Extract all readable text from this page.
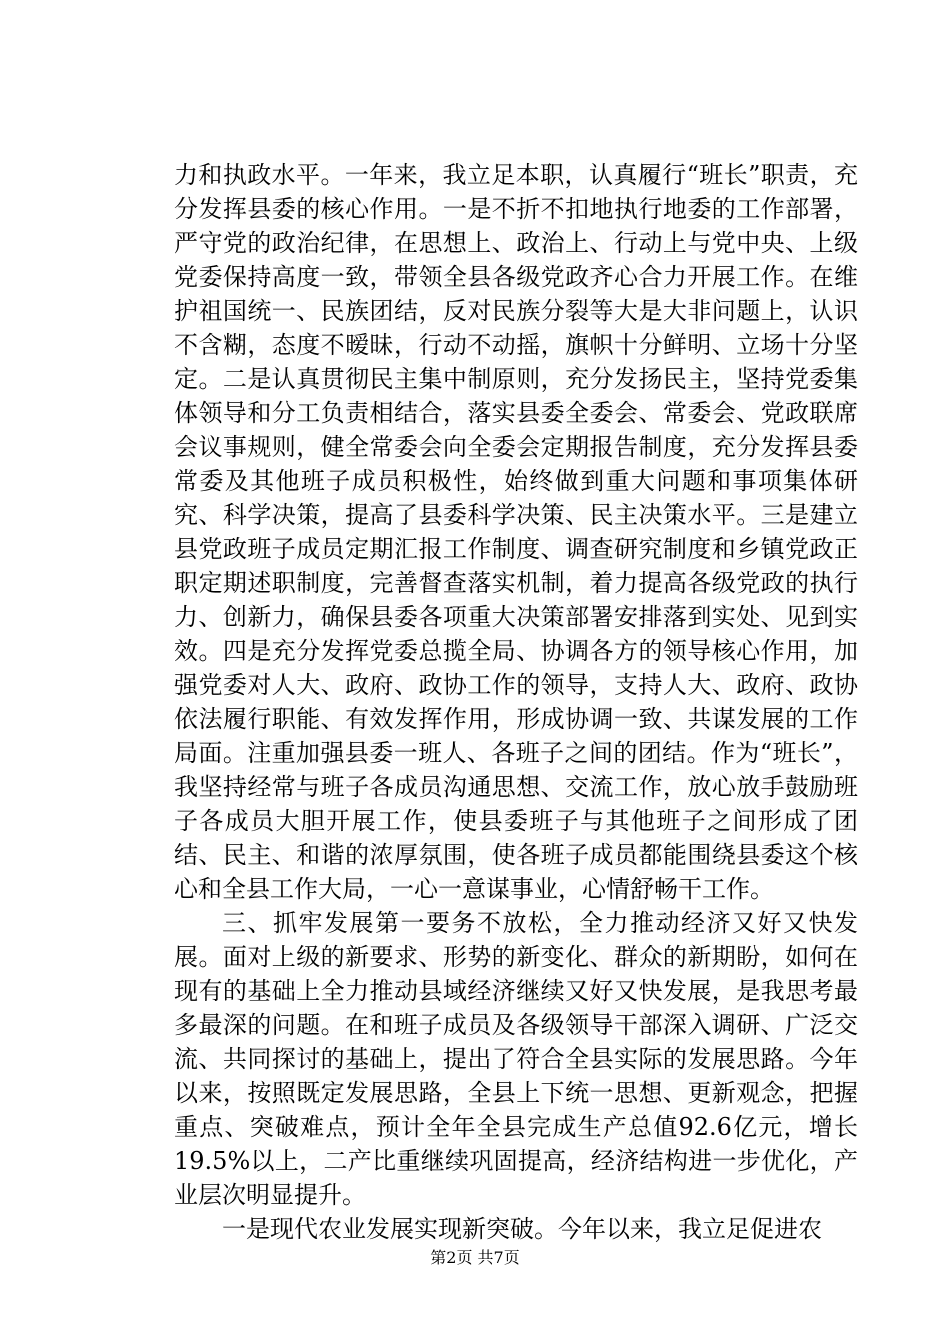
力和执政水平。一年来，我立足本职，认真履行“班长”职责，充分发挥县委的核心作用。一是不折不扣地执行地委的工作部署，严守党的政治纪律，在思想上、政治上、行动上与党中央、上级党委保持高度一致，带领全县各级党政齐心合力开展工作。在维护祖国统一、民族团结，反对民族分裂等大是大非问题上，认识不含糊，态度不暧昧，行动不动摇，旗帜十分鲜明、立场十分坚定。二是认真贯彻民主集中制原则，充分发扬民主，坚持党委集体领导和分工负责相结合，落实县委全委会、常委会、党政联席会议事规则，健全常委会向全委会定期报告制度，充分发挥县委常委及其他班子成员积极性，始终做到重大问题和事项集体研究、科学决策，提高了县委科学决策、民主决策水平。三是建立县党政班子成员定期汇报工作制度、调查研究制度和乡镇党政正职定期述职制度，完善督查落实机制，着力提高各级党政的执行力、创新力，确保县委各项重大决策部署安排落到实处、见到实效。四是充分发挥党委总揽全局、协调各方的领导核心作用，加强党委对人大、政府、政协工作的领导，支持人大、政府、政协依法履行职能、有效发挥作用，形成协调一致、共谋发展的工作局面。注重加强县委一班人、各班子之间的团结。作为“班长”，我坚持经常与班子各成员沟通思想、交流工作，放心放手鼓励班子各成员大胆开展工作，使县委班子与其他班子之间形成了团结、民主、和谐的浓厚氛围，使各班子成员都能围绕县委这个核心和全县工作大局，一心一意谋事业，心情舒畅干工作。

三、抓牢发展第一要务不放松，全力推动经济又好又快发展。面对上级的新要求、形势的新变化、群众的新期盼，如何在现有的基础上全力推动县域经济继续又好又快发展，是我思考最多最深的问题。在和班子成员及各级领导干部深入调研、广泛交流、共同探讨的基础上，提出了符合全县实际的发展思路。今年以来，按照既定发展思路，全县上下统一思想、更新观念，把握重点、突破难点，预计全年全县完成生产总值92.6亿元，增长19.5%以上，二产比重继续巩固提高，经济结构进一步优化，产业层次明显提升。

一是现代农业发展实现新突破。今年以来，我立足促进农

第2页 共7页
